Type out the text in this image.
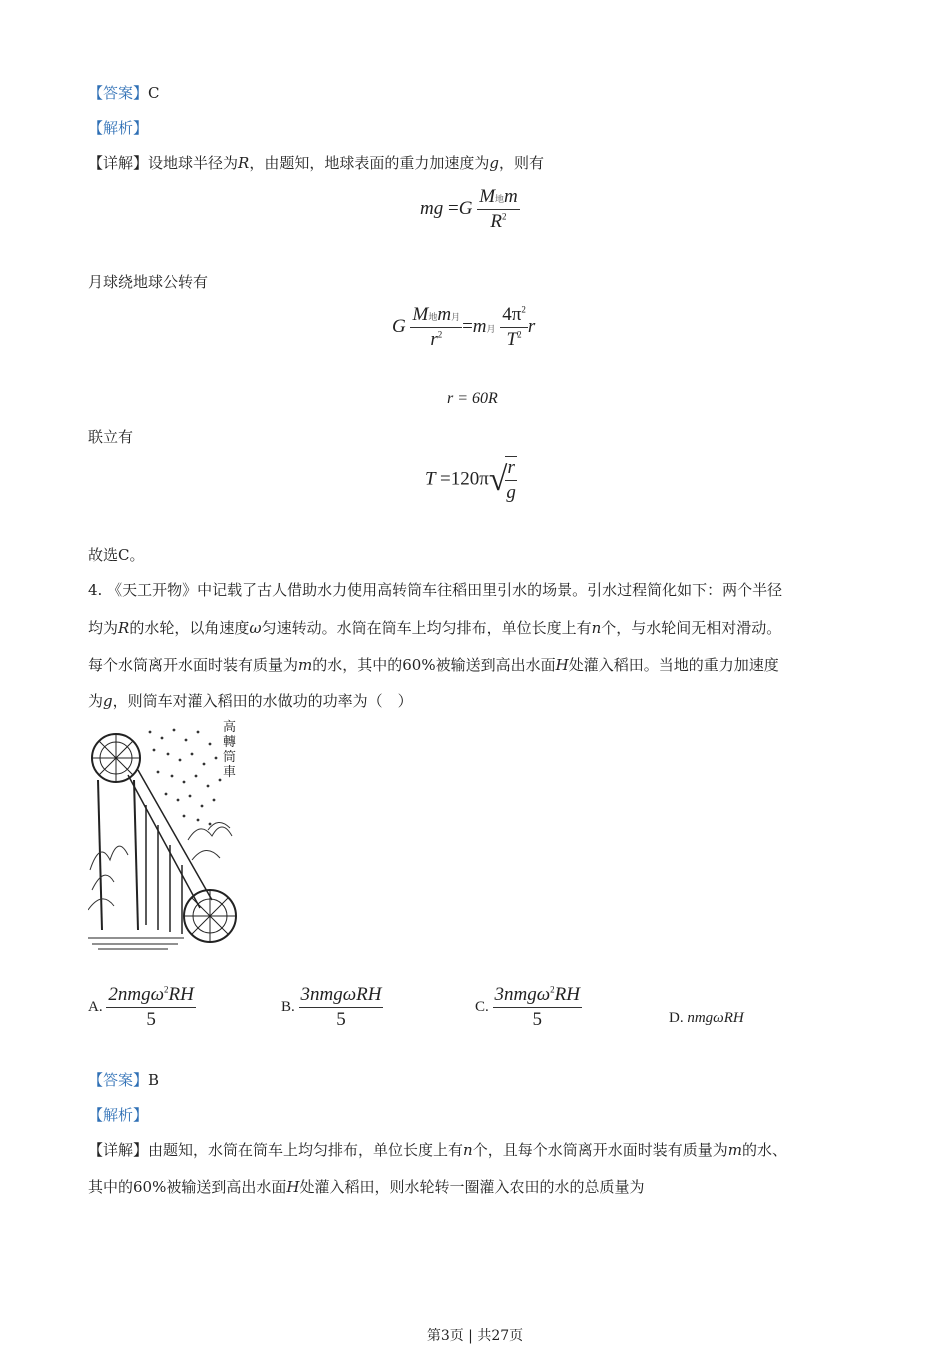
【答案】C
【解析】
【详解】设地球半径为R，由题知，地球表面的重力加速度为g，则有
mg $=G \frac{\text{M地m}}{R^2}$
月球绕地球公转有
G $\frac{\text{M地m月}}{r^2} =m$月 $\frac{4\pi^2}{T^2}$ r
r = 60R
联立有
T =120π√
$\frac{r}{g}$
故选C。
4. 《天工开物》中记载了古人借助水力使用高转筒车往稻田里引水的场景。引水过程简化如下：两个半径
均为R的水轮，以角速度ω匀速转动。水筒在筒车上均匀排布，单位长度上有n个，与水轮间无相对滑动。
每个水筒离开水面时装有质量为m的水，其中的60%被输送到高出水面H处灌入稻田。当地的重力加速度
为g，则筒车对灌入稻田的水做功的功率为（　）
高轉筒車
A. $\frac{2nmg\omega^2RH}{5}$	B. $\frac{\text{3nmgωRH}}{5}$	C. $\frac{3nmg\omega^2RH}{5}$	D. nmgωRH
【答案】B
【解析】
【详解】由题知，水筒在筒车上均匀排布，单位长度上有n个，且每个水筒离开水面时装有质量为m的水、
其中的60%被输送到高出水面H处灌入稻田，则水轮转一圈灌入农田的水的总质量为
第3页 | 共27页
